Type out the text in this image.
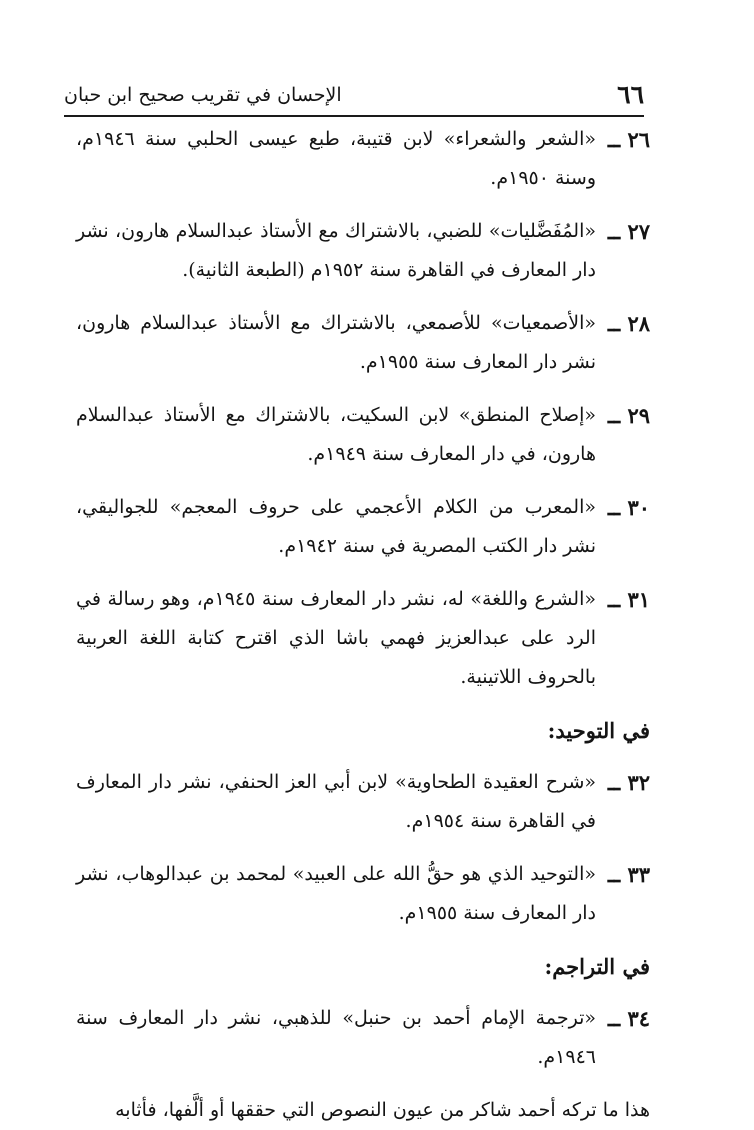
٦٦
الإحسان في تقريب صحيح ابن حبان
٢٦ ــ
«الشعر والشعراء» لابن قتيبة، طبع عيسى الحلبي سنة ١٩٤٦م، وسنة ١٩٥٠م.
٢٧ ــ
«المُفَضَّليات» للضبي، بالاشتراك مع الأستاذ عبدالسلام هارون، نشر دار المعارف في القاهرة سنة ١٩٥٢م (الطبعة الثانية).
٢٨ ــ
«الأصمعيات» للأصمعي، بالاشتراك مع الأستاذ عبدالسلام هارون، نشر دار المعارف سنة ١٩٥٥م.
٢٩ ــ
«إصلاح المنطق» لابن السكيت، بالاشتراك مع الأستاذ عبدالسلام هارون، في دار المعارف سنة ١٩٤٩م.
٣٠ ــ
«المعرب من الكلام الأعجمي على حروف المعجم» للجواليقي، نشر دار الكتب المصرية في سنة ١٩٤٢م.
٣١ ــ
«الشرع واللغة» له، نشر دار المعارف سنة ١٩٤٥م، وهو رسالة في الرد على عبدالعزيز فهمي باشا الذي اقترح كتابة اللغة العربية بالحروف اللاتينية.
في التوحيد:
٣٢ ــ
«شرح العقيدة الطحاوية» لابن أبي العز الحنفي، نشر دار المعارف في القاهرة سنة ١٩٥٤م.
٣٣ ــ
«التوحيد الذي هو حقُّ الله على العبيد» لمحمد بن عبدالوهاب، نشر دار المعارف سنة ١٩٥٥م.
في التراجم:
٣٤ ــ
«ترجمة الإمام أحمد بن حنبل» للذهبي، نشر دار المعارف سنة ١٩٤٦م.
هذا ما تركه أحمد شاكر من عيون النصوص التي حققها أو ألَّفها، فأثابه
